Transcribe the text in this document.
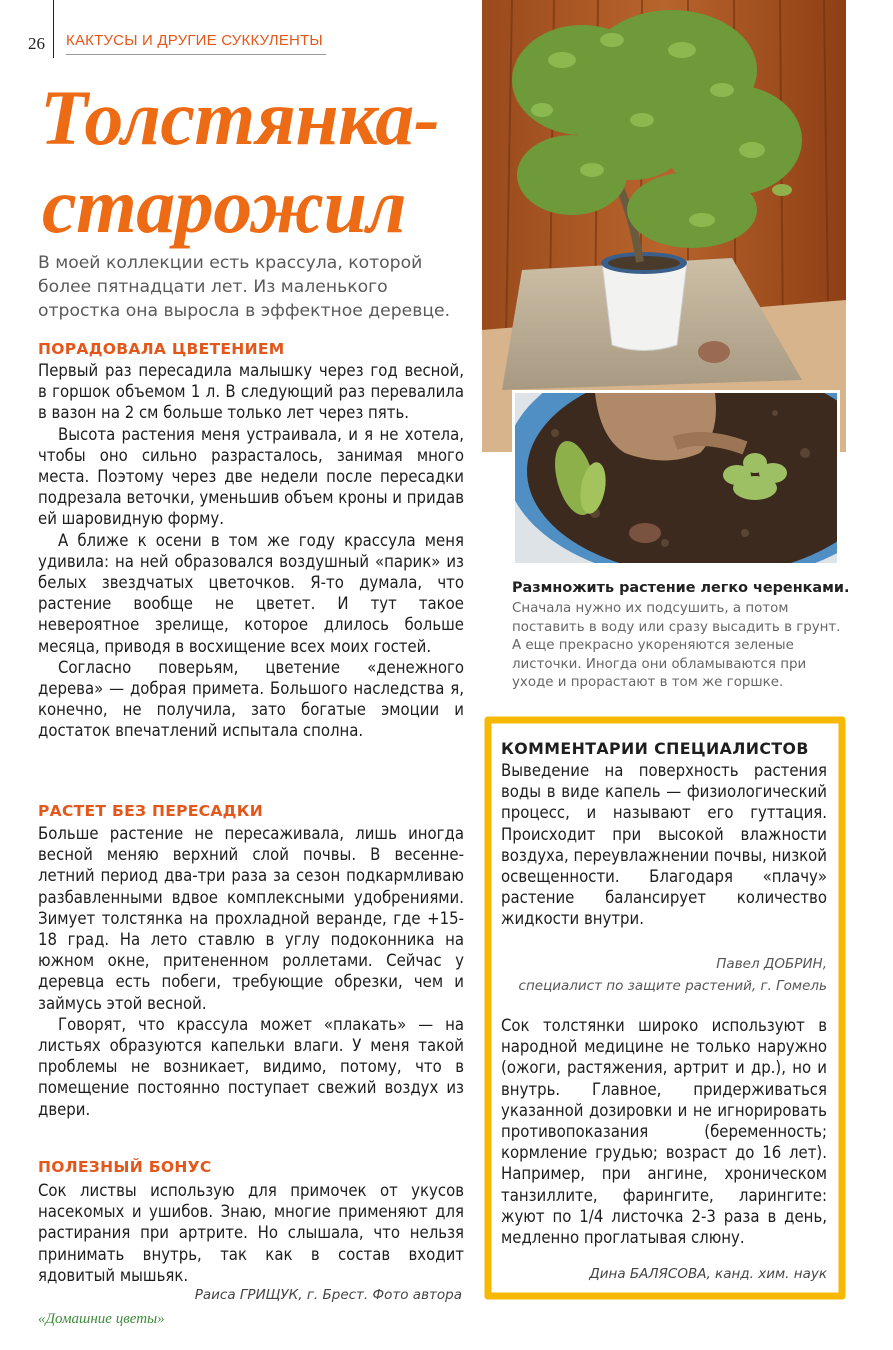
26 КАКТУСЫ И ДРУГИЕ СУККУЛЕНТЫ
Толстянка-
старожил
В моей коллекции есть крассула, которой более пятнадцати лет. Из маленького отростка она выросла в эффектное деревце.
ПОРАДОВАЛА ЦВЕТЕНИЕМ

Первый раз пересадила малышку через год весной, в горшок объемом 1 л. В следующий раз перевалила в вазон на 2 см больше только лет через пять.

Высота растения меня устраивала, и я не хотела, чтобы оно сильно разрасталось, занимая много места. Поэтому через две недели после пересадки подрезала веточки, уменьшив объем кроны и придав ей шаровидную форму.

А ближе к осени в том же году крассула меня удивила: на ней образовался воздушный «парик» из белых звездчатых цветочков. Я-то думала, что растение вообще не цветет. И тут такое невероятное зрелище, которое длилось больше месяца, приводя в восхищение всех моих гостей.

Согласно поверьям, цветение «денежного дерева» — добрая примета. Большого наследства я, конечно, не получила, зато богатые эмоции и достаток впечатлений испытала сполна.

РАСТЕТ БЕЗ ПЕРЕСАДКИ

Больше растение не пересаживала, лишь иногда весной меняю верхний слой почвы. В весенне-летний период два-три раза за сезон подкармливаю разбавленными вдвое комплексными удобрениями. Зимует толстянка на прохладной веранде, где +15-18 град. На лето ставлю в углу подоконника на южном окне, притененном роллетами. Сейчас у деревца есть побеги, требующие обрезки, чем и займусь этой весной.

Говорят, что крассула может «плакать» — на листьях образуются капельки влаги. У меня такой проблемы не возникает, видимо, потому, что в помещение постоянно поступает свежий воздух из двери.

ПОЛЕЗНЫЙ БОНУС

Сок листвы использую для примочек от укусов насекомых и ушибов. Знаю, многие применяют для растирания при артрите. Но слышала, что нельзя принимать внутрь, так как в состав входит ядовитый мышьяк.

Раиса ГРИЩУК, г. Брест. Фото автора
«Домашние цветы»
Размножить растение легко черенками.
Сначала нужно их подсушить, а потом поставить в воду или сразу высадить в грунт. А еще прекрасно укореняются зеленые листочки. Иногда они обламываются при уходе и прорастают в том же горшке.
КОММЕНТАРИИ СПЕЦИАЛИСТОВ

Выведение на поверхность растения воды в виде капель — физиологический процесс, и называют его гуттация. Происходит при высокой влажности воздуха, переувлажнении почвы, низкой освещенности. Благодаря «плачу» растение балансирует количество жидкости внутри.

Павел ДОБРИН,
специалист по защите растений, г. Гомель

Сок толстянки широко используют в народной медицине не только наружно (ожоги, растяжения, артрит и др.), но и внутрь. Главное, придерживаться указанной дозировки и не игнорировать противопоказания (беременность; кормление грудью; возраст до 16 лет). Например, при ангине, хроническом танзиллите, фарингите, ларингите: жуют по 1/4 листочка 2-3 раза в день, медленно проглатывая слюну.

Дина БАЛЯСОВА, канд. хим. наук
